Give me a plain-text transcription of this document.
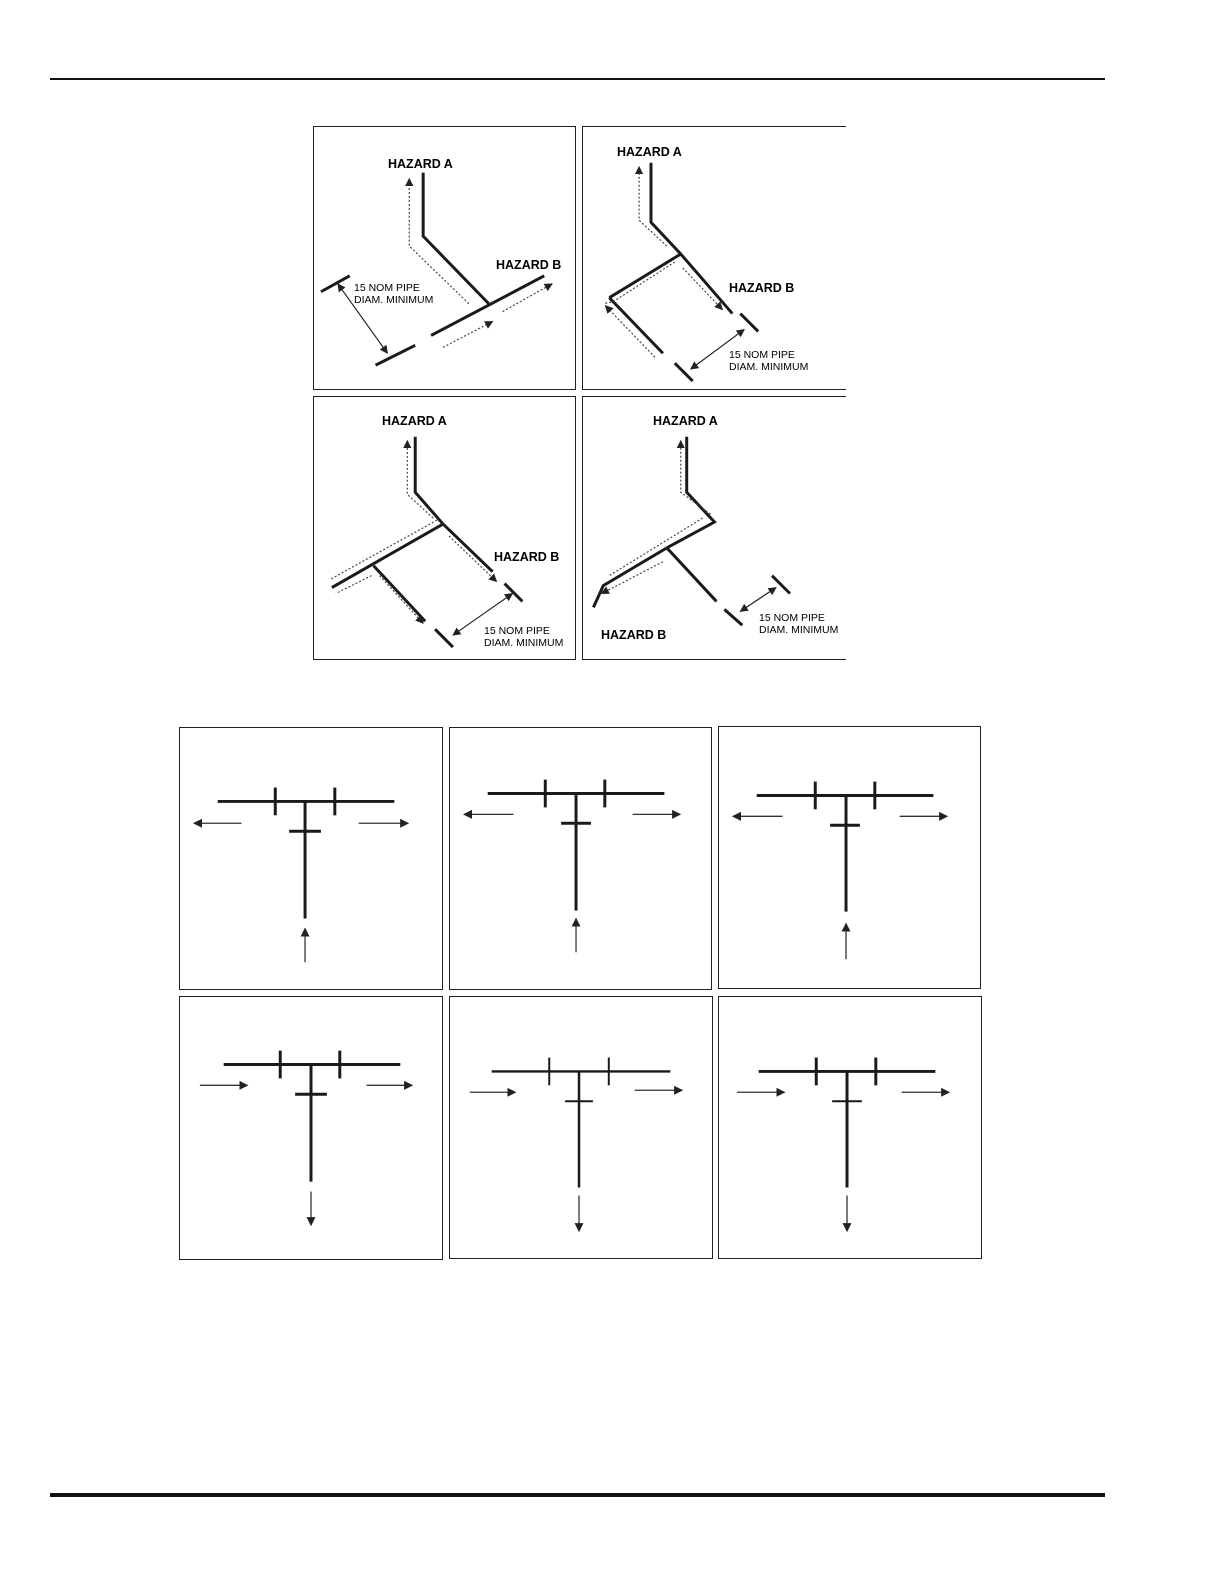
HAZARD A
HAZARD B
15 NOM PIPE
DIAM. MINIMUM
HAZARD A
HAZARD B
15 NOM PIPE
DIAM. MINIMUM
HAZARD A
HAZARD B
15 NOM PIPE
DIAM. MINIMUM
HAZARD A
HAZARD B
15 NOM PIPE
DIAM. MINIMUM
